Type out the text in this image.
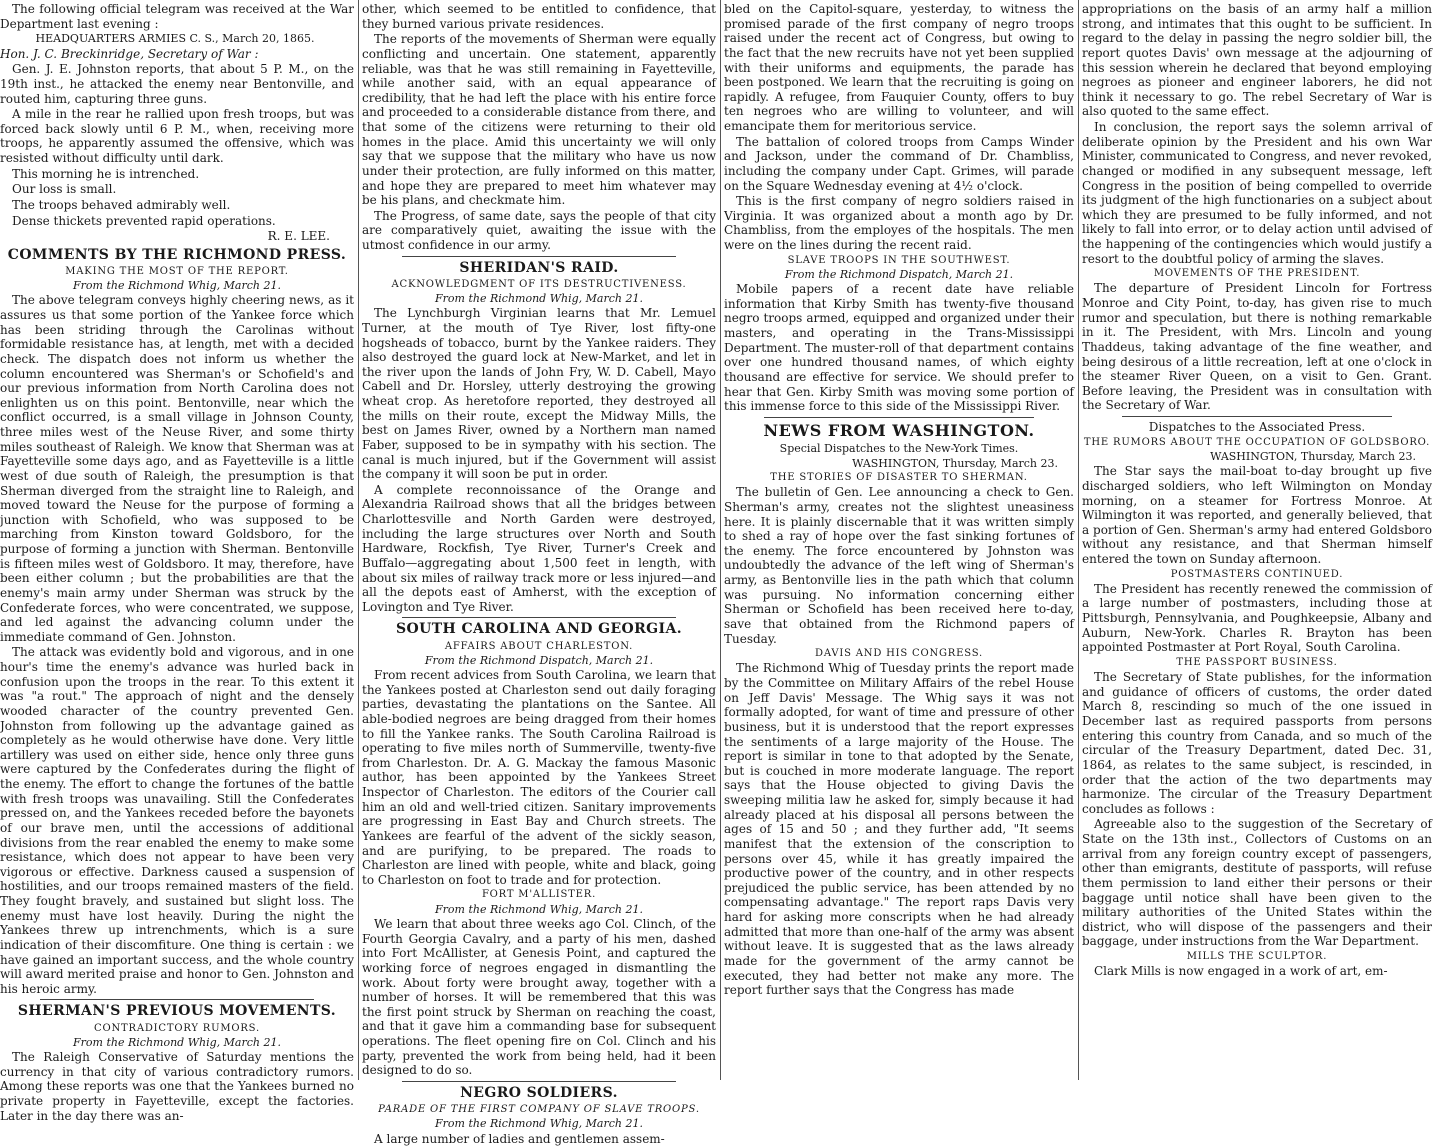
The following official telegram was received at the War Department last evening :

HEADQUARTERS ARMIES C. S., March 20, 1865.

Hon. J. C. Breckinridge, Secretary of War :

Gen. J. E. Johnston reports, that about 5 P. M., on the 19th inst., he attacked the enemy near Bentonville, and routed him, capturing three guns.

A mile in the rear he rallied upon fresh troops, but was forced back slowly until 6 P. M., when, receiving more troops, he apparently assumed the offensive, which was resisted without difficulty until dark.

This morning he is intrenched.

Our loss is small.

The troops behaved admirably well.

Dense thickets prevented rapid operations.

R. E. LEE.

COMMENTS BY THE RICHMOND PRESS.
MAKING THE MOST OF THE REPORT.
From the Richmond Whig, March 21.

The above telegram conveys highly cheering news, as it assures us that some portion of the Yankee force which has been striding through the Carolinas without formidable resistance has, at length, met with a decided check. The dispatch does not inform us whether the column encountered was Sherman's or Schofield's and our previous information from North Carolina does not enlighten us on this point. Bentonville, near which the conflict occurred, is a small village in Johnson County, three miles west of the Neuse River, and some thirty miles southeast of Raleigh. We know that Sherman was at Fayetteville some days ago, and as Fayetteville is a little west of due south of Raleigh, the presumption is that Sherman diverged from the straight line to Raleigh, and moved toward the Neuse for the purpose of forming a junction with Schofield, who was supposed to be marching from Kinston toward Goldsboro, for the purpose of forming a junction with Sherman. Bentonville is fifteen miles west of Goldsboro. It may, therefore, have been either column ; but the probabilities are that the enemy's main army under Sherman was struck by the Confederate forces, who were concentrated, we suppose, and led against the advancing column under the immediate command of Gen. Johnston.

The attack was evidently bold and vigorous, and in one hour's time the enemy's advance was hurled back in confusion upon the troops in the rear. To this extent it was "a rout." The approach of night and the densely wooded character of the country prevented Gen. Johnston from following up the advantage gained as completely as he would otherwise have done. Very little artillery was used on either side, hence only three guns were captured by the Confederates during the flight of the enemy. The effort to change the fortunes of the battle with fresh troops was unavailing. Still the Confederates pressed on, and the Yankees receded before the bayonets of our brave men, until the accessions of additional divisions from the rear enabled the enemy to make some resistance, which does not appear to have been very vigorous or effective. Darkness caused a suspension of hostilities, and our troops remained masters of the field. They fought bravely, and sustained but slight loss. The enemy must have lost heavily. During the night the Yankees threw up intrenchments, which is a sure indication of their discomfiture. One thing is certain : we have gained an important success, and the whole country will award merited praise and honor to Gen. Johnston and his heroic army.

SHERMAN'S PREVIOUS MOVEMENTS.
CONTRADICTORY RUMORS.
From the Richmond Whig, March 21.

The Raleigh Conservative of Saturday mentions the currency in that city of various contradictory rumors. Among these reports was one that the Yankees burned no private property in Fayetteville, except the factories. Later in the day there was an-

other, which seemed to be entitled to confidence, that they burned various private residences.

The reports of the movements of Sherman were equally conflicting and uncertain. One statement, apparently reliable, was that he was still remaining in Fayetteville, while another said, with an equal appearance of credibility, that he had left the place with his entire force and proceeded to a considerable distance from there, and that some of the citizens were returning to their old homes in the place. Amid this uncertainty we will only say that we suppose that the military who have us now under their protection, are fully informed on this matter, and hope they are prepared to meet him whatever may be his plans, and checkmate him.

The Progress, of same date, says the people of that city are comparatively quiet, awaiting the issue with the utmost confidence in our army.

SHERIDAN'S RAID.
ACKNOWLEDGMENT OF ITS DESTRUCTIVENESS.
From the Richmond Whig, March 21.

The Lynchburgh Virginian learns that Mr. Lemuel Turner, at the mouth of Tye River, lost fifty-one hogsheads of tobacco, burnt by the Yankee raiders. They also destroyed the guard lock at New-Market, and let in the river upon the lands of John Fry, W. D. Cabell, Mayo Cabell and Dr. Horsley, utterly destroying the growing wheat crop. As heretofore reported, they destroyed all the mills on their route, except the Midway Mills, the best on James River, owned by a Northern man named Faber, supposed to be in sympathy with his section. The canal is much injured, but if the Government will assist the company it will soon be put in order.

A complete reconnoissance of the Orange and Alexandria Railroad shows that all the bridges between Charlottesville and North Garden were destroyed, including the large structures over North and South Hardware, Rockfish, Tye River, Turner's Creek and Buffalo—aggregating about 1,500 feet in length, with about six miles of railway track more or less injured—and all the depots east of Amherst, with the exception of Lovington and Tye River.

SOUTH CAROLINA AND GEORGIA.
AFFAIRS ABOUT CHARLESTON.
From the Richmond Dispatch, March 21.

From recent advices from South Carolina, we learn that the Yankees posted at Charleston send out daily foraging parties, devastating the plantations on the Santee. All able-bodied negroes are being dragged from their homes to fill the Yankee ranks. The South Carolina Railroad is operating to five miles north of Summerville, twenty-five from Charleston. Dr. A. G. Mackay the famous Masonic author, has been appointed by the Yankees Street Inspector of Charleston. The editors of the Courier call him an old and well-tried citizen. Sanitary improvements are progressing in East Bay and Church streets. The Yankees are fearful of the advent of the sickly season, and are purifying, to be prepared. The roads to Charleston are lined with people, white and black, going to Charleston on foot to trade and for protection.

FORT M'ALLISTER.
From the Richmond Whig, March 21.

We learn that about three weeks ago Col. Clinch, of the Fourth Georgia Cavalry, and a party of his men, dashed into Fort McAllister, at Genesis Point, and captured the working force of negroes engaged in dismantling the work. About forty were brought away, together with a number of horses. It will be remembered that this was the first point struck by Sherman on reaching the coast, and that it gave him a commanding base for subsequent operations. The fleet opening fire on Col. Clinch and his party, prevented the work from being held, had it been designed to do so.

NEGRO SOLDIERS.
PARADE OF THE FIRST COMPANY OF SLAVE TROOPS.
From the Richmond Whig, March 21.

A large number of ladies and gentlemen assem-

bled on the Capitol-square, yesterday, to witness the promised parade of the first company of negro troops raised under the recent act of Congress, but owing to the fact that the new recruits have not yet been supplied with their uniforms and equipments, the parade has been postponed. We learn that the recruiting is going on rapidly. A refugee, from Fauquier County, offers to buy ten negroes who are willing to volunteer, and will emancipate them for meritorious service.

The battalion of colored troops from Camps Winder and Jackson, under the command of Dr. Chambliss, including the company under Capt. Grimes, will parade on the Square Wednesday evening at 4½ o'clock.

This is the first company of negro soldiers raised in Virginia. It was organized about a month ago by Dr. Chambliss, from the employes of the hospitals. The men were on the lines during the recent raid.

SLAVE TROOPS IN THE SOUTHWEST.
From the Richmond Dispatch, March 21.

Mobile papers of a recent date have reliable information that Kirby Smith has twenty-five thousand negro troops armed, equipped and organized under their masters, and operating in the Trans-Mississippi Department. The muster-roll of that department contains over one hundred thousand names, of which eighty thousand are effective for service. We should prefer to hear that Gen. Kirby Smith was moving some portion of this immense force to this side of the Mississippi River.

NEWS FROM WASHINGTON.
Special Dispatches to the New-York Times.

WASHINGTON, Thursday, March 23.

THE STORIES OF DISASTER TO SHERMAN.

The bulletin of Gen. Lee announcing a check to Gen. Sherman's army, creates not the slightest uneasiness here. It is plainly discernable that it was written simply to shed a ray of hope over the fast sinking fortunes of the enemy. The force encountered by Johnston was undoubtedly the advance of the left wing of Sherman's army, as Bentonville lies in the path which that column was pursuing. No information concerning either Sherman or Schofield has been received here to-day, save that obtained from the Richmond papers of Tuesday.

DAVIS AND HIS CONGRESS.

The Richmond Whig of Tuesday prints the report made by the Committee on Military Affairs of the rebel House on Jeff Davis' Message. The Whig says it was not formally adopted, for want of time and pressure of other business, but it is understood that the report expresses the sentiments of a large majority of the House. The report is similar in tone to that adopted by the Senate, but is couched in more moderate language. The report says that the House objected to giving Davis the sweeping militia law he asked for, simply because it had already placed at his disposal all persons between the ages of 15 and 50 ; and they further add, "It seems manifest that the extension of the conscription to persons over 45, while it has greatly impaired the productive power of the country, and in other respects prejudiced the public service, has been attended by no compensating advantage." The report raps Davis very hard for asking more conscripts when he had already admitted that more than one-half of the army was absent without leave. It is suggested that as the laws already made for the government of the army cannot be executed, they had better not make any more. The report further says that the Congress has made

appropriations on the basis of an army half a million strong, and intimates that this ought to be sufficient. In regard to the delay in passing the negro soldier bill, the report quotes Davis' own message at the adjourning of this session wherein he declared that beyond employing negroes as pioneer and engineer laborers, he did not think it necessary to go. The rebel Secretary of War is also quoted to the same effect.

In conclusion, the report says the solemn arrival of deliberate opinion by the President and his own War Minister, communicated to Congress, and never revoked, changed or modified in any subsequent message, left Congress in the position of being compelled to override its judgment of the high functionaries on a subject about which they are presumed to be fully informed, and not likely to fall into error, or to delay action until advised of the happening of the contingencies which would justify a resort to the doubtful policy of arming the slaves.

MOVEMENTS OF THE PRESIDENT.

The departure of President Lincoln for Fortress Monroe and City Point, to-day, has given rise to much rumor and speculation, but there is nothing remarkable in it. The President, with Mrs. Lincoln and young Thaddeus, taking advantage of the fine weather, and being desirous of a little recreation, left at one o'clock in the steamer River Queen, on a visit to Gen. Grant. Before leaving, the President was in consultation with the Secretary of War.

Dispatches to the Associated Press.
THE RUMORS ABOUT THE OCCUPATION OF GOLDSBORO.

WASHINGTON, Thursday, March 23.

The Star says the mail-boat to-day brought up five discharged soldiers, who left Wilmington on Monday morning, on a steamer for Fortress Monroe. At Wilmington it was reported, and generally believed, that a portion of Gen. Sherman's army had entered Goldsboro without any resistance, and that Sherman himself entered the town on Sunday afternoon.

POSTMASTERS CONTINUED.

The President has recently renewed the commission of a large number of postmasters, including those at Pittsburgh, Pennsylvania, and Poughkeepsie, Albany and Auburn, New-York. Charles R. Brayton has been appointed Postmaster at Port Royal, South Carolina.

THE PASSPORT BUSINESS.

The Secretary of State publishes, for the information and guidance of officers of customs, the order dated March 8, rescinding so much of the one issued in December last as required passports from persons entering this country from Canada, and so much of the circular of the Treasury Department, dated Dec. 31, 1864, as relates to the same subject, is rescinded, in order that the action of the two departments may harmonize. The circular of the Treasury Department concludes as follows :

Agreeable also to the suggestion of the Secretary of State on the 13th inst., Collectors of Customs on an arrival from any foreign country except of passengers, other than emigrants, destitute of passports, will refuse them permission to land either their persons or their baggage until notice shall have been given to the military authorities of the United States within the district, who will dispose of the passengers and their baggage, under instructions from the War Department.

MILLS THE SCULPTOR.

Clark Mills is now engaged in a work of art, em-
